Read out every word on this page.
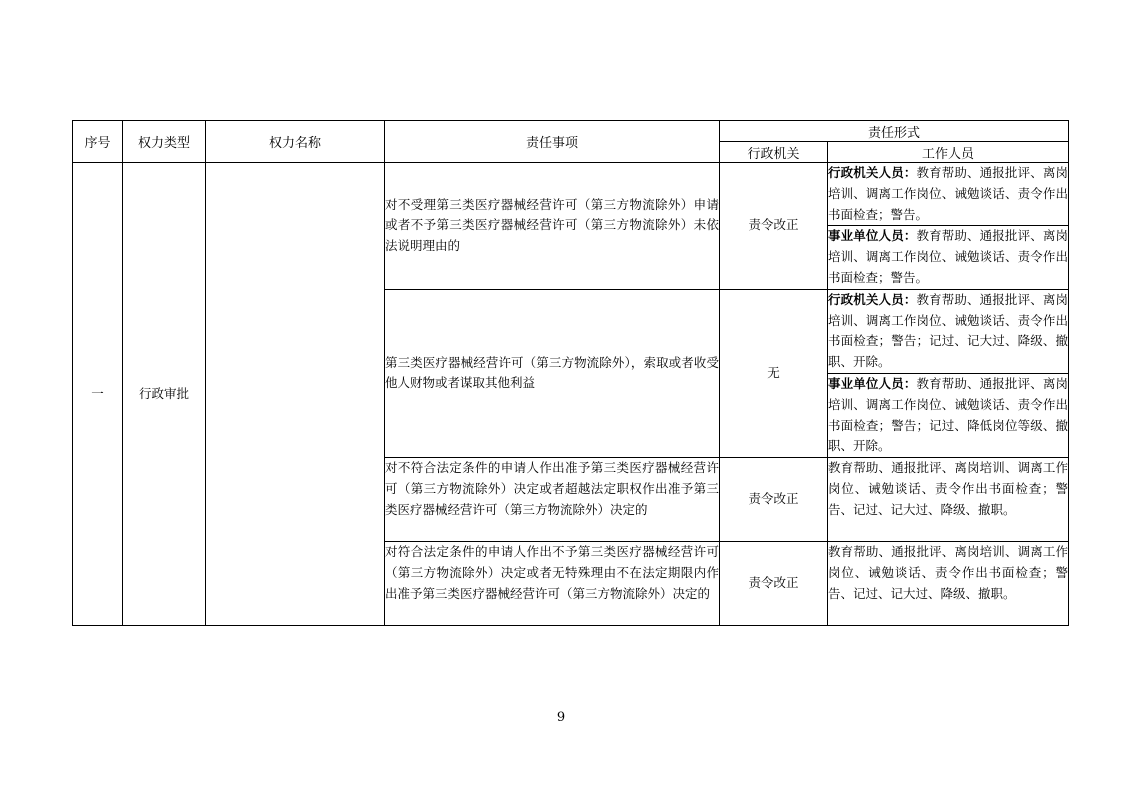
序号	权力类型	权力名称	责任事项	责任形式	
				行政机关	工作人员
一	行政审批		对不受理第三类医疗器械经营许可（第三方物流除外）申请或者不予第三类医疗器械经营许可（第三方物流除外）未依法说明理由的	责令改正	行政机关人员：教育帮助、通报批评、离岗培训、调离工作岗位、诫勉谈话、责令作出书面检查；警告。
					事业单位人员：教育帮助、通报批评、离岗培训、调离工作岗位、诫勉谈话、责令作出书面检查；警告。
			第三类医疗器械经营许可（第三方物流除外），索取或者收受他人财物或者谋取其他利益	无	行政机关人员：教育帮助、通报批评、离岗培训、调离工作岗位、诫勉谈话、责令作出书面检查；警告；记过、记大过、降级、撤职、开除。
					事业单位人员：教育帮助、通报批评、离岗培训、调离工作岗位、诫勉谈话、责令作出书面检查；警告；记过、降低岗位等级、撤职、开除。
			对不符合法定条件的申请人作出准予第三类医疗器械经营许可（第三方物流除外）决定或者超越法定职权作出准予第三类医疗器械经营许可（第三方物流除外）决定的	责令改正	教育帮助、通报批评、离岗培训、调离工作岗位、诫勉谈话、责令作出书面检查；警告、记过、记大过、降级、撤职。
			对符合法定条件的申请人作出不予第三类医疗器械经营许可（第三方物流除外）决定或者无特殊理由不在法定期限内作出准予第三类医疗器械经营许可（第三方物流除外）决定的	责令改正	教育帮助、通报批评、离岗培训、调离工作岗位、诫勉谈话、责令作出书面检查；警告、记过、记大过、降级、撤职。
9
